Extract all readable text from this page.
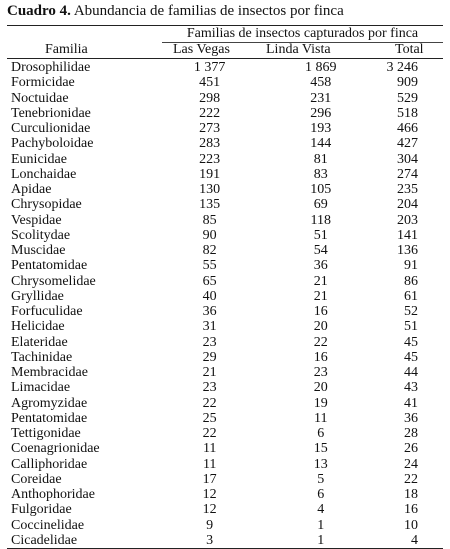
Cuadro 4. Abundancia de familias de insectos por finca
Familias de insectos capturados por finca
Familia	Las Vegas	Linda Vista	Total
Drosophilidae	1 377	1 869	3 246
Formicidae	451	458	909
Noctuidae	298	231	529
Tenebrionidae	222	296	518
Curculionidae	273	193	466
Pachyboloidae	283	144	427
Eunicidae	223	81	304
Lonchaidae	191	83	274
Apidae	130	105	235
Chrysopidae	135	69	204
Vespidae	85	118	203
Scolitydae	90	51	141
Muscidae	82	54	136
Pentatomidae	55	36	91
Chrysomelidae	65	21	86
Gryllidae	40	21	61
Forfuculidae	36	16	52
Helicidae	31	20	51
Elateridae	23	22	45
Tachinidae	29	16	45
Membracidae	21	23	44
Limacidae	23	20	43
Agromyzidae	22	19	41
Pentatomidae	25	11	36
Tettigonidae	22	6	28
Coenagrionidae	11	15	26
Calliphoridae	11	13	24
Coreidae	17	5	22
Anthophoridae	12	6	18
Fulgoridae	12	4	16
Coccinelidae	9	1	10
Cicadelidae	3	1	4
